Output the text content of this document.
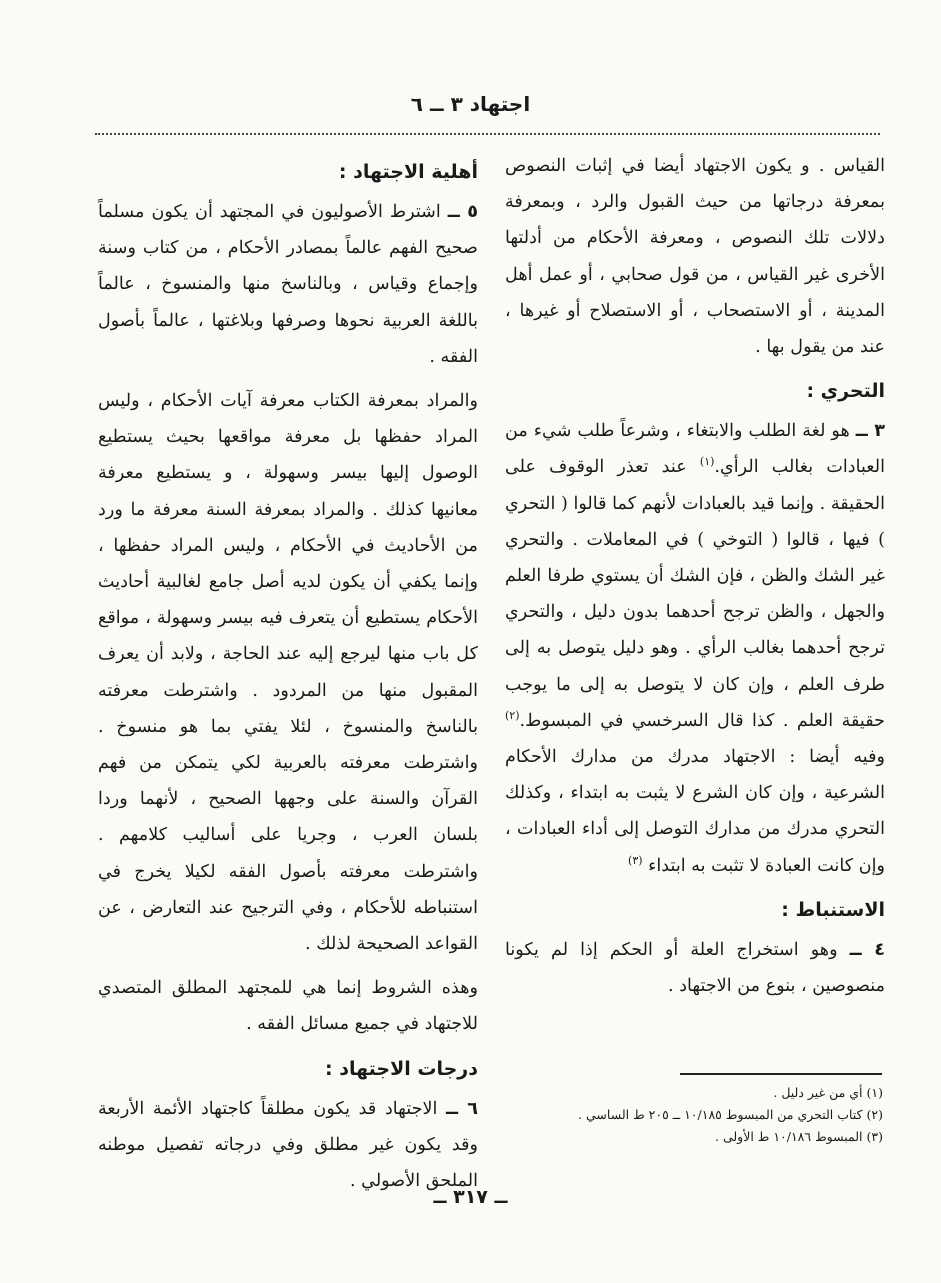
اجتهاد ٣ ــ ٦

القياس . و يكون الاجتهاد أيضا في إثبات النصوص بمعرفة درجاتها من حيث القبول والرد ، وبمعرفة دلالات تلك النصوص ، ومعرفة الأحكام من أدلتها الأخرى غير القياس ، من قول صحابي ، أو عمل أهل المدينة ، أو الاستصحاب ، أو الاستصلاح أو غيرها ، عند من يقول بها .

التحري :

٣ ــ هو لغة الطلب والابتغاء ، وشرعاً طلب شيء من العبادات بغالب الرأي.$^{(١)}$ عند تعذر الوقوف على الحقيقة . وإنما قيد بالعبادات لأنهم كما قالوا ( التحري ) فيها ، قالوا ( التوخي ) في المعاملات . والتحري غير الشك والظن ، فإن الشك أن يستوي طرفا العلم والجهل ، والظن ترجح أحدهما بدون دليل ، والتحري ترجح أحدهما بغالب الرأي . وهو دليل يتوصل به إلى طرف العلم ، وإن كان لا يتوصل به إلى ما يوجب حقيقة العلم . كذا قال السرخسي في المبسوط.$^{(٢)}$ وفيه أيضا : الاجتهاد مدرك من مدارك الأحكام الشرعية ، وإن كان الشرع لا يثبت به ابتداء ، وكذلك التحري مدرك من مدارك التوصل إلى أداء العبادات ، وإن كانت العبادة لا تثبت به ابتداء $^{(٣)}$

الاستنباط :

٤ ــ وهو استخراج العلة أو الحكم إذا لم يكونا منصوصين ، بنوع من الاجتهاد .

أهلية الاجتهاد :

٥ ــ اشترط الأصوليون في المجتهد أن يكون مسلماً صحيح الفهم عالماً بمصادر الأحكام ، من كتاب وسنة وإجماع وقياس ، وبالناسخ منها والمنسوخ ، عالماً باللغة العربية نحوها وصرفها وبلاغتها ، عالماً بأصول الفقه .

والمراد بمعرفة الكتاب معرفة آيات الأحكام ، وليس المراد حفظها بل معرفة مواقعها بحيث يستطيع الوصول إليها بيسر وسهولة ، و يستطيع معرفة معانيها كذلك . والمراد بمعرفة السنة معرفة ما ورد من الأحاديث في الأحكام ، وليس المراد حفظها ، وإنما يكفي أن يكون لديه أصل جامع لغالبية أحاديث الأحكام يستطيع أن يتعرف فيه بيسر وسهولة ، مواقع كل باب منها ليرجع إليه عند الحاجة ، ولابد أن يعرف المقبول منها من المردود . واشترطت معرفته بالناسخ والمنسوخ ، لئلا يفتي بما هو منسوخ . واشترطت معرفته بالعربية لكي يتمكن من فهم القرآن والسنة على وجهها الصحيح ، لأنهما وردا بلسان العرب ، وجريا على أساليب كلامهم . واشترطت معرفته بأصول الفقه لكيلا يخرج في استنباطه للأحكام ، وفي الترجيح عند التعارض ، عن القواعد الصحيحة لذلك .

وهذه الشروط إنما هي للمجتهد المطلق المتصدي للاجتهاد في جميع مسائل الفقه .

درجات الاجتهاد :

٦ ــ الاجتهاد قد يكون مطلقاً كاجتهاد الأئمة الأربعة وقد يكون غير مطلق وفي درجاته تفصيل موطنه الملحق الأصولي .

(١) أي من غير دليل .
(٢) كتاب التحري من المبسوط ١٠/١٨٥ ــ ٢٠٥ ط الساسي .
(٣) المبسوط ١٠/١٨٦ ط الأولى .
ــ ٣١٧ ــ
